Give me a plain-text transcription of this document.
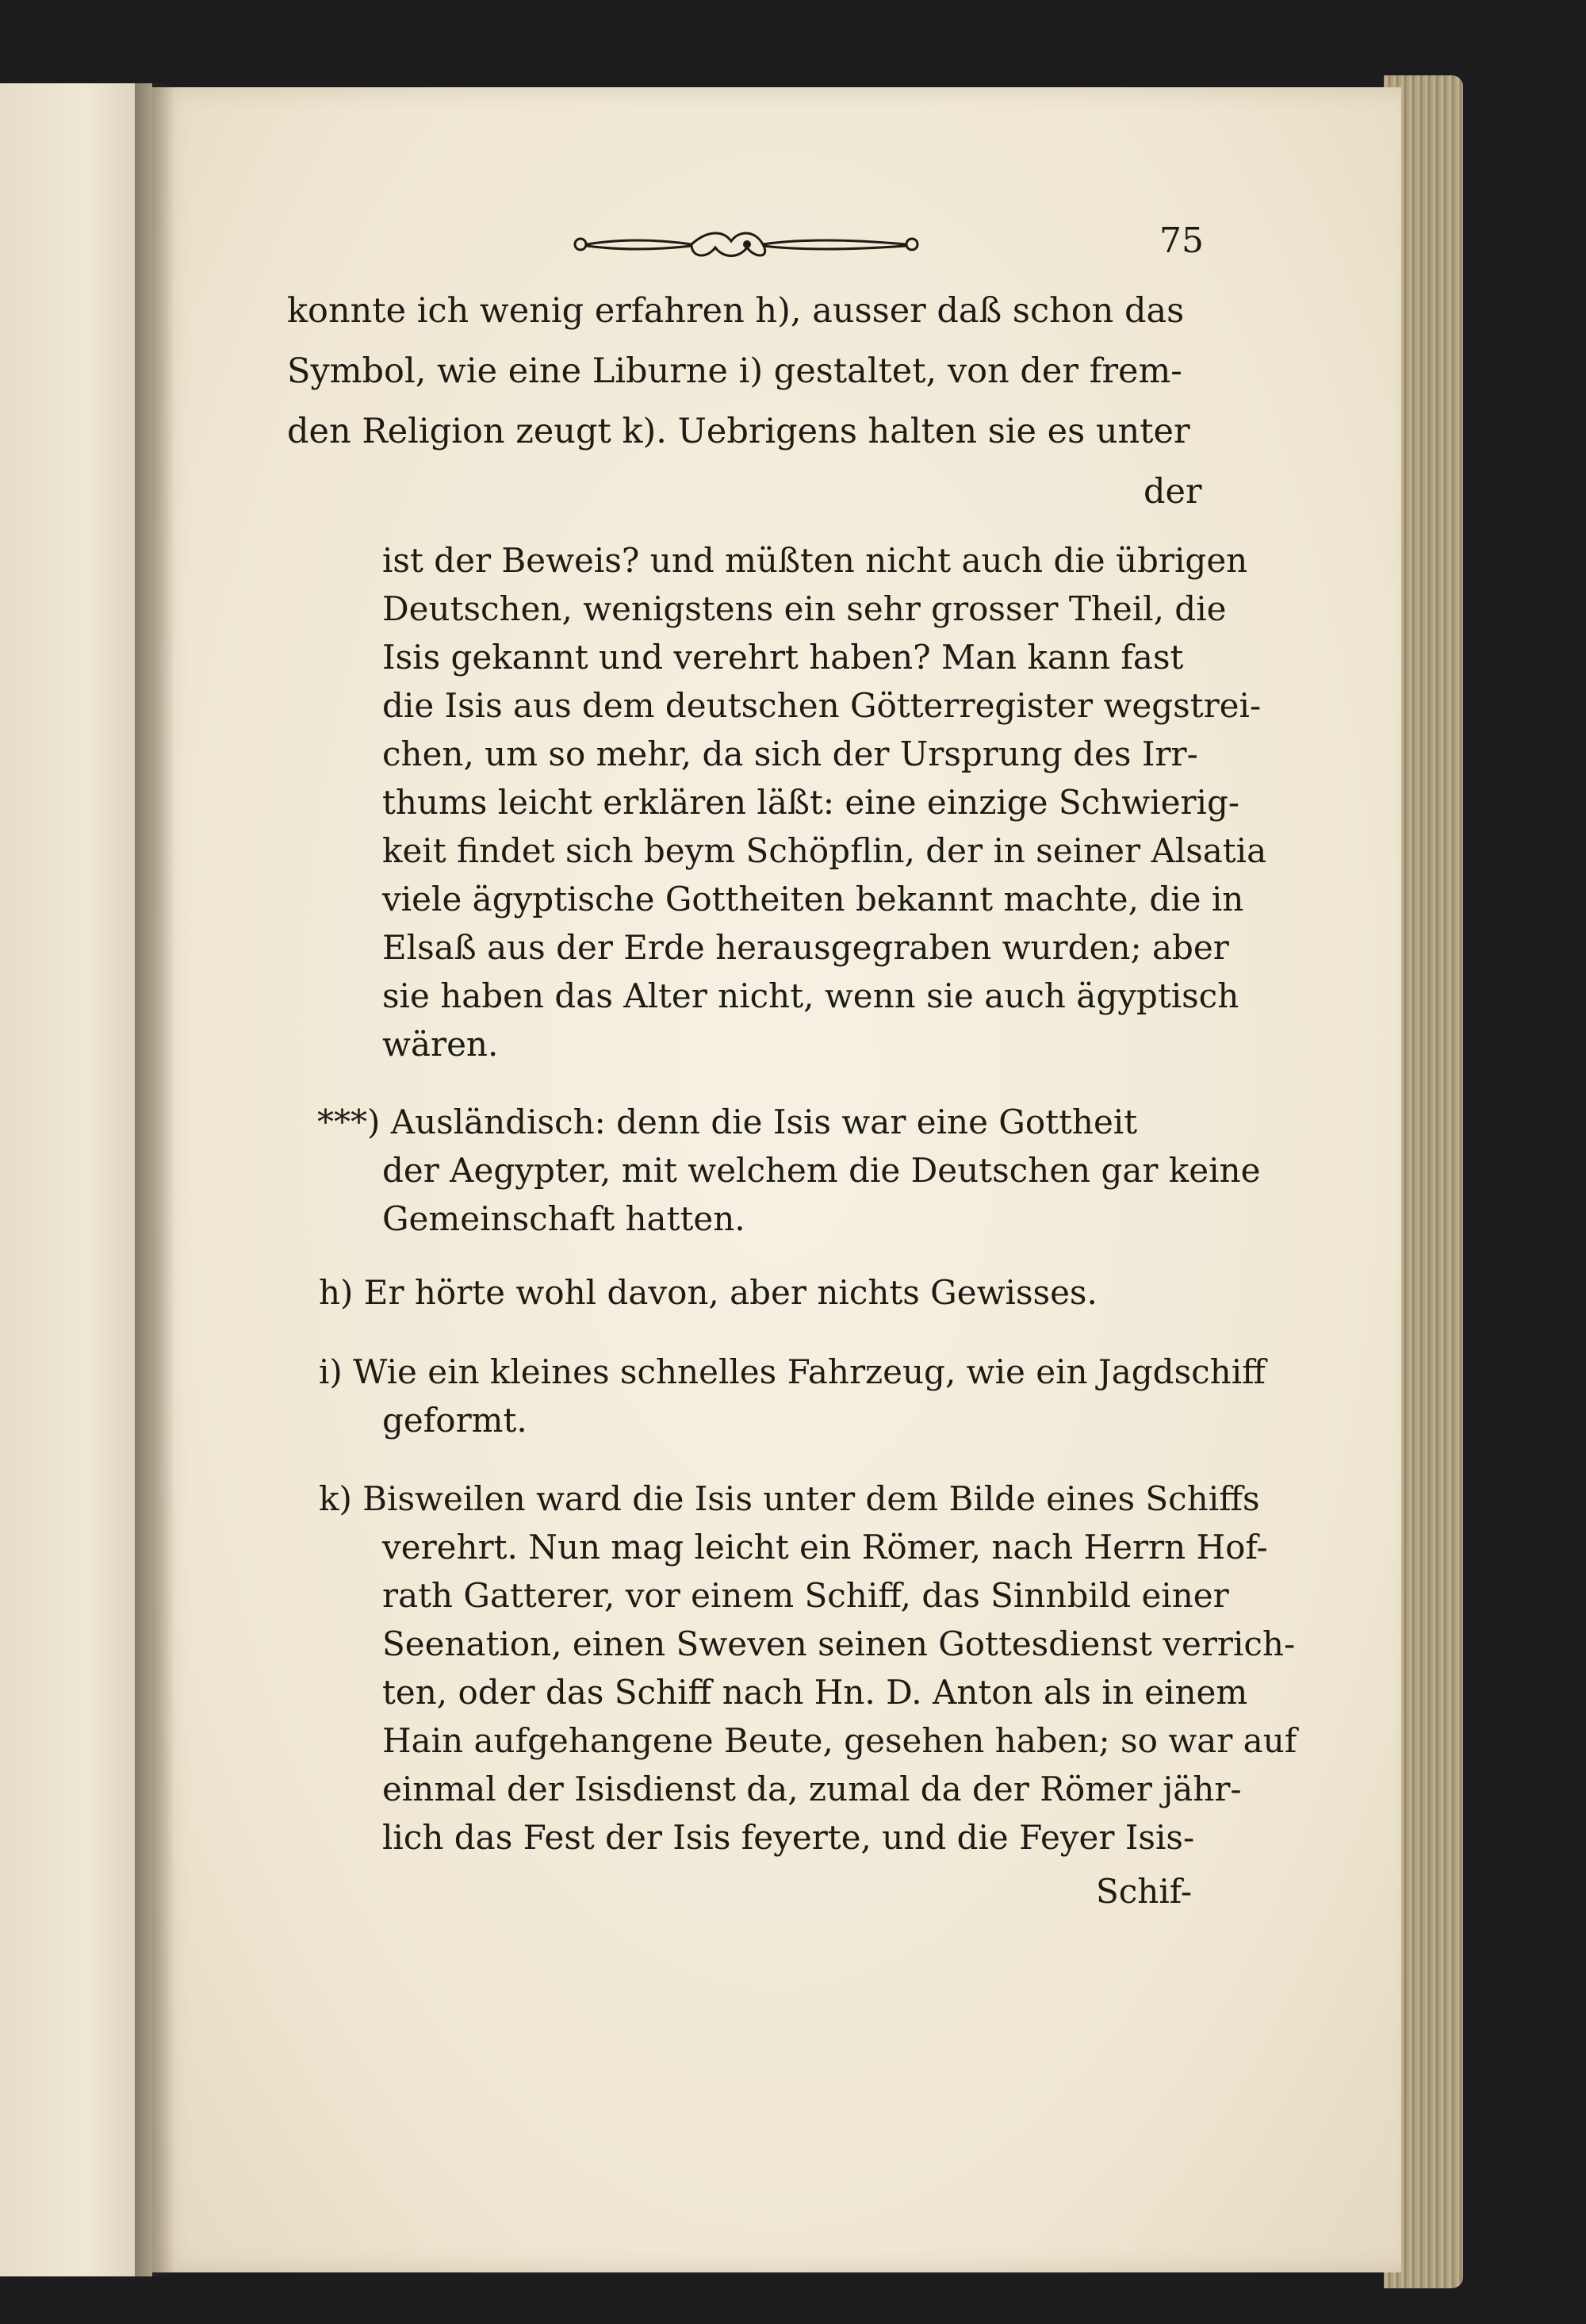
75

konnte ich wenig erfahren h), ausser daß schon das

Symbol, wie eine Liburne i) gestaltet, von der frem-

den Religion zeugt k). Uebrigens halten sie es unter

der

ist der Beweis? und müßten nicht auch die übrigen

Deutschen, wenigstens ein sehr grosser Theil, die

Isis gekannt und verehrt haben? Man kann fast

die Isis aus dem deutschen Götterregister wegstrei-

chen, um so mehr, da sich der Ursprung des Irr-

thums leicht erklären läßt: eine einzige Schwierig-

keit findet sich beym Schöpflin, der in seiner Alsatia

viele ägyptische Gottheiten bekannt machte, die in

Elsaß aus der Erde herausgegraben wurden; aber

sie haben das Alter nicht, wenn sie auch ägyptisch

wären.

***) Ausländisch: denn die Isis war eine Gottheit

der Aegypter, mit welchem die Deutschen gar keine

Gemeinschaft hatten.

h) Er hörte wohl davon, aber nichts Gewisses.

i) Wie ein kleines schnelles Fahrzeug, wie ein Jagdschiff

geformt.

k) Bisweilen ward die Isis unter dem Bilde eines Schiffs

verehrt. Nun mag leicht ein Römer, nach Herrn Hof-

rath Gatterer, vor einem Schiff, das Sinnbild einer

Seenation, einen Sweven seinen Gottesdienst verrich-

ten, oder das Schiff nach Hn. D. Anton als in einem

Hain aufgehangene Beute, gesehen haben; so war auf

einmal der Isisdienst da, zumal da der Römer jähr-

lich das Fest der Isis feyerte, und die Feyer Isis-

Schif-
